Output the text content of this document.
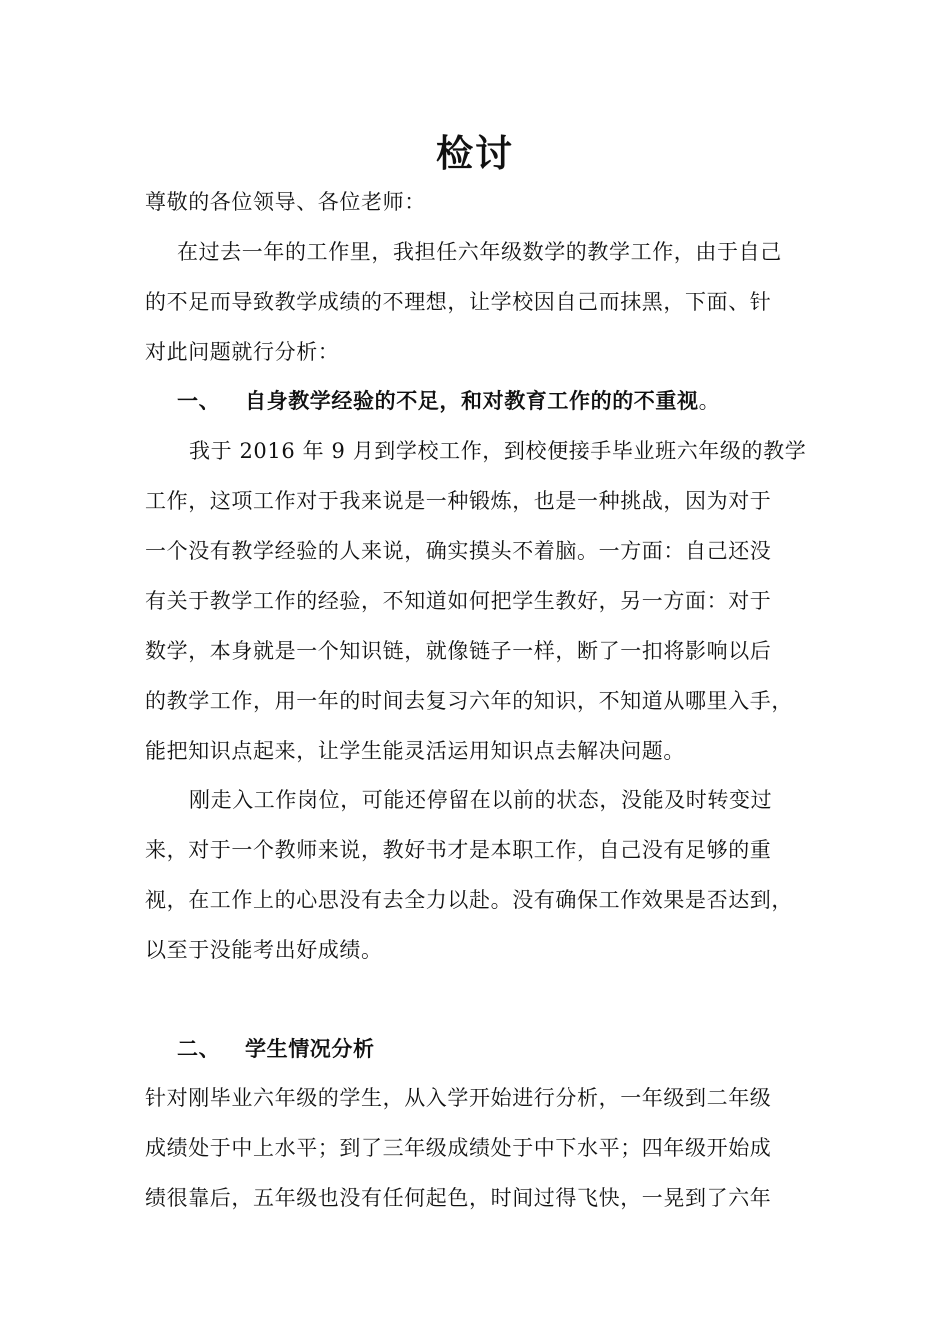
检讨
尊敬的各位领导、各位老师：
在过去一年的工作里，我担任六年级数学的教学工作，由于自己
的不足而导致教学成绩的不理想，让学校因自己而抹黑，下面、针
对此问题就行分析：
一、 自身教学经验的不足，和对教育工作的的不重视。
我于 2016 年 9 月到学校工作，到校便接手毕业班六年级的教学
工作，这项工作对于我来说是一种锻炼，也是一种挑战，因为对于
一个没有教学经验的人来说，确实摸头不着脑。一方面：自己还没
有关于教学工作的经验，不知道如何把学生教好，另一方面：对于
数学，本身就是一个知识链，就像链子一样，断了一扣将影响以后
的教学工作，用一年的时间去复习六年的知识，不知道从哪里入手，
能把知识点起来，让学生能灵活运用知识点去解决问题。
刚走入工作岗位，可能还停留在以前的状态，没能及时转变过
来，对于一个教师来说，教好书才是本职工作，自己没有足够的重
视，在工作上的心思没有去全力以赴。没有确保工作效果是否达到，
以至于没能考出好成绩。
二、 学生情况分析
针对刚毕业六年级的学生，从入学开始进行分析，一年级到二年级
成绩处于中上水平；到了三年级成绩处于中下水平；四年级开始成
绩很靠后，五年级也没有任何起色，时间过得飞快，一晃到了六年
